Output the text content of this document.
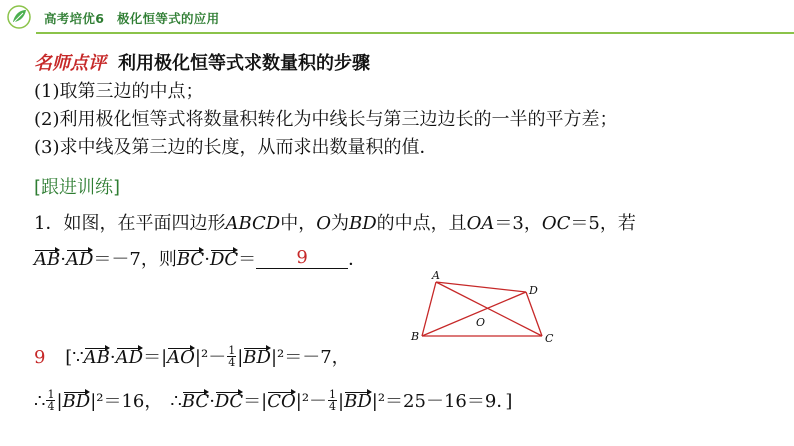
高考培优6　极化恒等式的应用
名师点评 利用极化恒等式求数量积的步骤
(1)取第三边的中点；
(2)利用极化恒等式将数量积转化为中线长与第三边边长的一半的平方差；
(3)求中线及第三边的长度，从而求出数量积的值．
[跟进训练]
1．如图，在平面四边形ABCD中，O为BD的中点，且OA＝3，OC＝5，若
AB·AD＝－7，则BC·DC＝ 9 ．
9 [∵AB·AD＝|AO|²－ $\frac{1}{4} |BD|^2=-7$，
∴ $\frac{1}{4} |BD|^2=16$， ∴BC·DC＝|CO|²－ $\frac{1}{4} |BD|^2=25-16=9$．]
A
B	C
D
O
